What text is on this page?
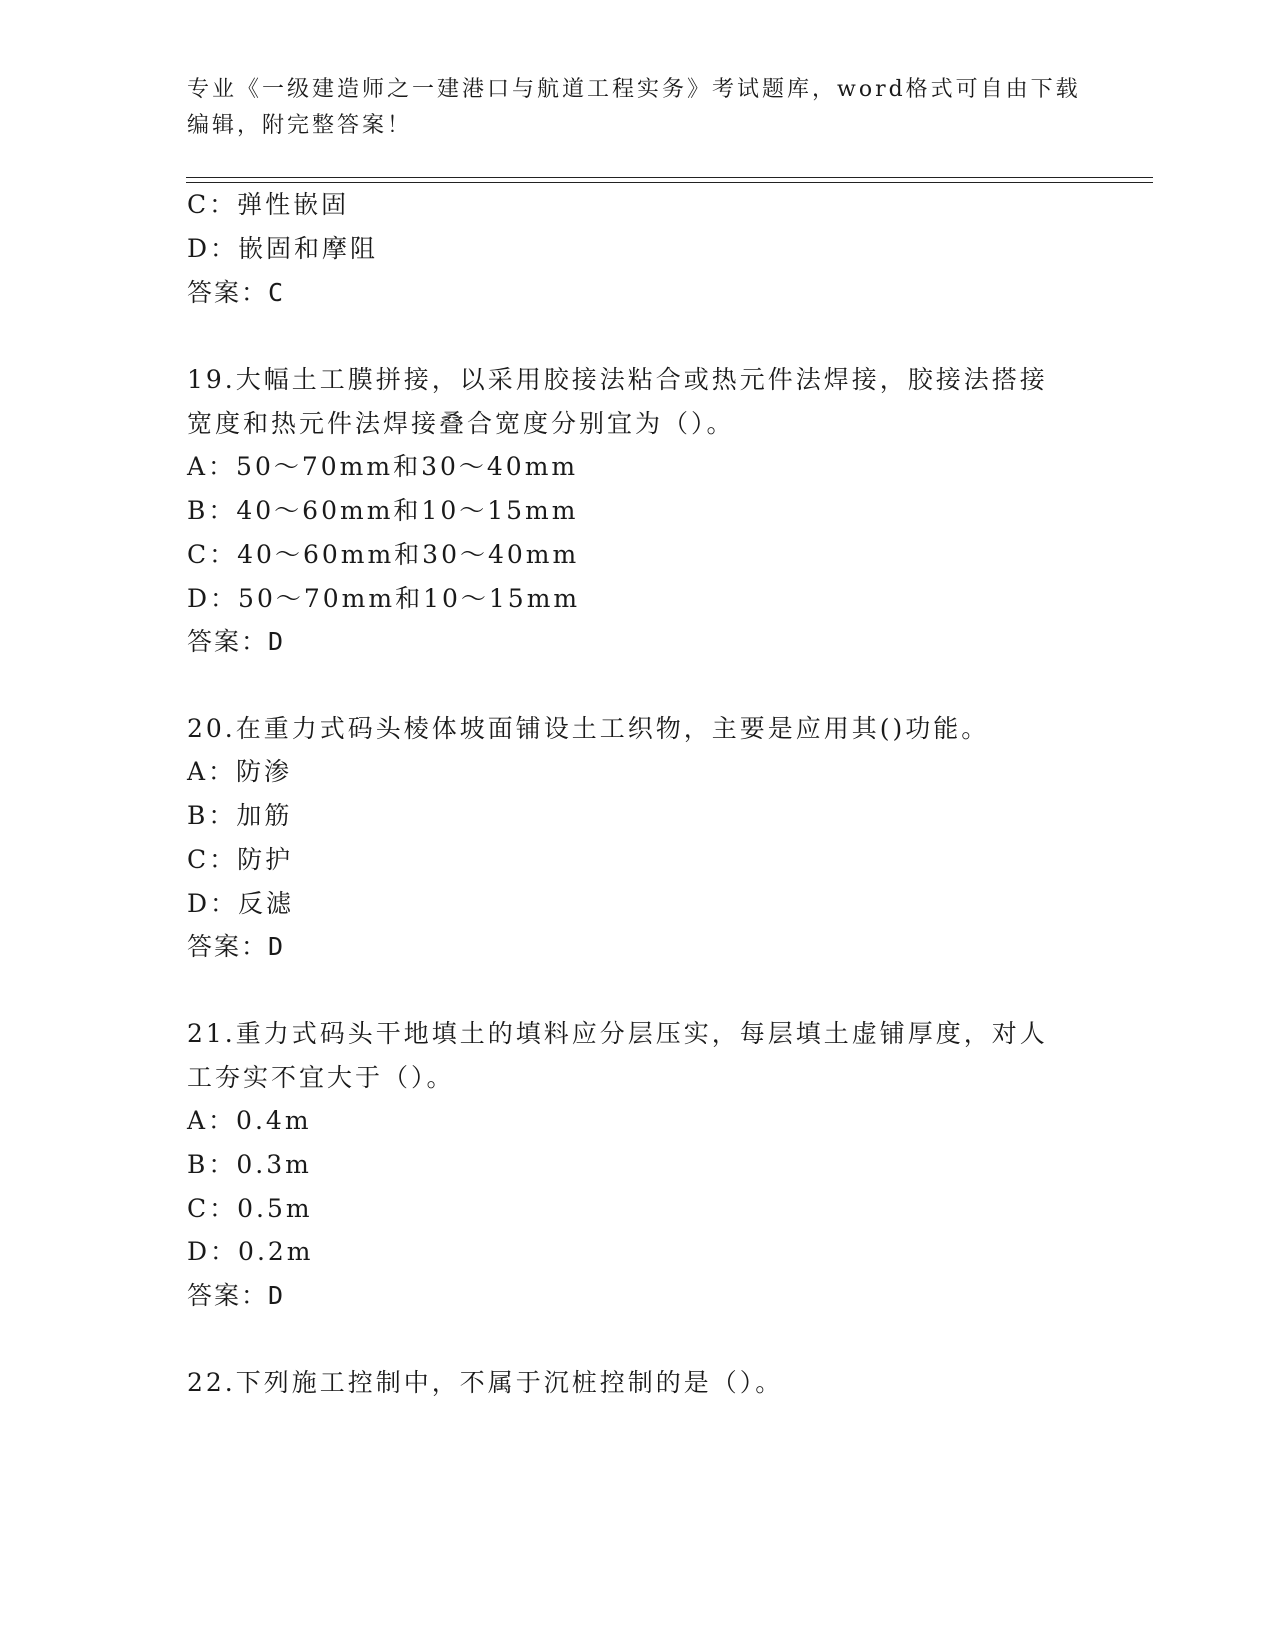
专业《一级建造师之一建港口与航道工程实务》考试题库，word格式可自由下载
编辑，附完整答案！
C：弹性嵌固
D：嵌固和摩阻
答案：C
19.大幅土工膜拼接，以采用胶接法粘合或热元件法焊接，胶接法搭接
宽度和热元件法焊接叠合宽度分别宜为（）。
A：50～70mm和30～40mm
B：40～60mm和10～15mm
C：40～60mm和30～40mm
D：50～70mm和10～15mm
答案：D
20.在重力式码头棱体坡面铺设土工织物，主要是应用其()功能。
A：防渗
B：加筋
C：防护
D：反滤
答案：D
21.重力式码头干地填土的填料应分层压实，每层填土虚铺厚度，对人
工夯实不宜大于（）。
A：0.4m
B：0.3m
C：0.5m
D：0.2m
答案：D
22.下列施工控制中，不属于沉桩控制的是（）。
